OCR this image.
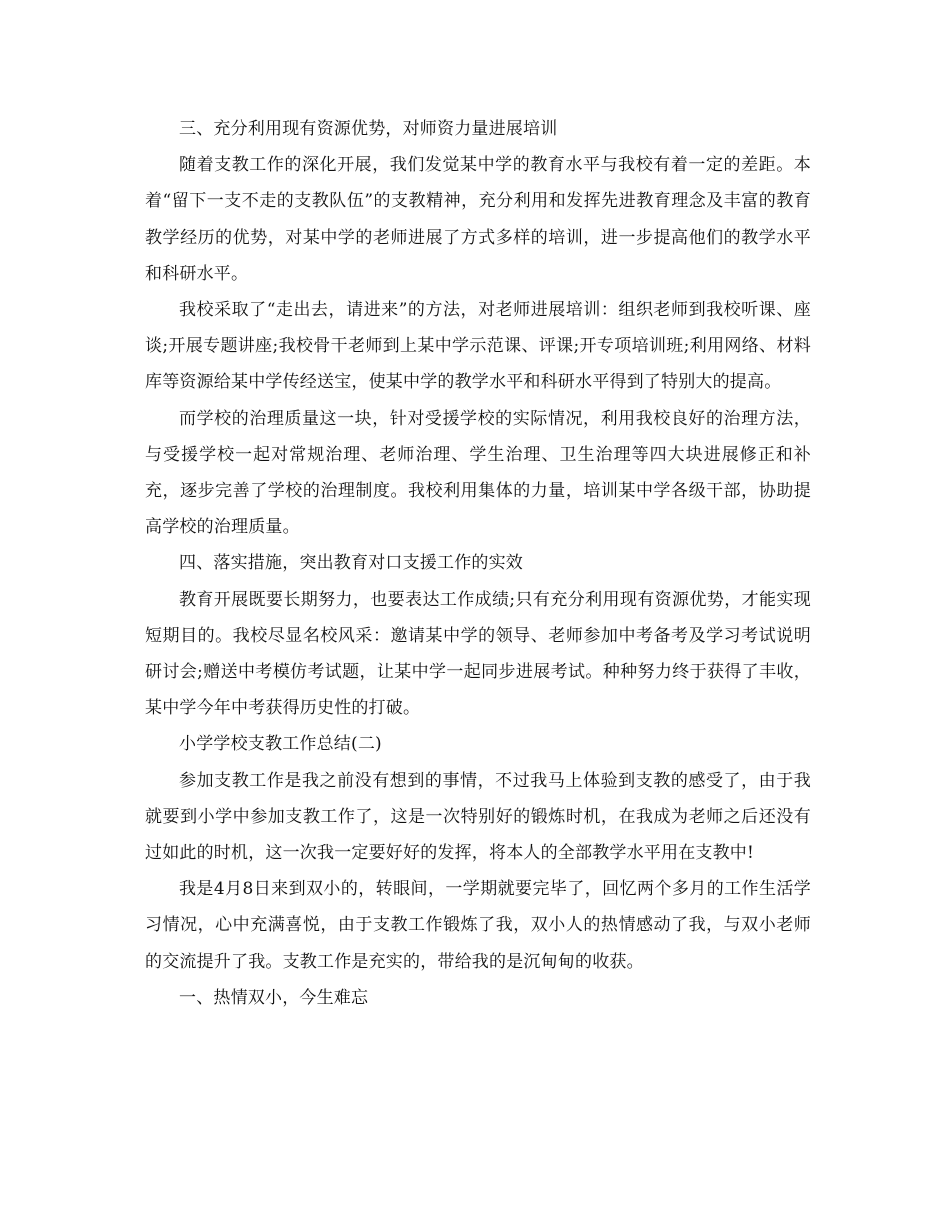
三、充分利用现有资源优势，对师资力量进展培训

随着支教工作的深化开展，我们发觉某中学的教育水平与我校有着一定的差距。本着“留下一支不走的支教队伍”的支教精神，充分利用和发挥先进教育理念及丰富的教育教学经历的优势，对某中学的老师进展了方式多样的培训，进一步提高他们的教学水平和科研水平。

我校采取了“走出去，请进来”的方法，对老师进展培训：组织老师到我校听课、座谈;开展专题讲座;我校骨干老师到上某中学示范课、评课;开专项培训班;利用网络、材料库等资源给某中学传经送宝，使某中学的教学水平和科研水平得到了特别大的提高。

而学校的治理质量这一块，针对受援学校的实际情况，利用我校良好的治理方法，与受援学校一起对常规治理、老师治理、学生治理、卫生治理等四大块进展修正和补充，逐步完善了学校的治理制度。我校利用集体的力量，培训某中学各级干部，协助提高学校的治理质量。

四、落实措施，突出教育对口支援工作的实效

教育开展既要长期努力，也要表达工作成绩;只有充分利用现有资源优势，才能实现短期目的。我校尽显名校风采：邀请某中学的领导、老师参加中考备考及学习考试说明研讨会;赠送中考模仿考试题，让某中学一起同步进展考试。种种努力终于获得了丰收，某中学今年中考获得历史性的打破。

小学学校支教工作总结(二)

参加支教工作是我之前没有想到的事情，不过我马上体验到支教的感受了，由于我就要到小学中参加支教工作了，这是一次特别好的锻炼时机，在我成为老师之后还没有过如此的时机，这一次我一定要好好的发挥，将本人的全部教学水平用在支教中!

我是4月8日来到双小的，转眼间，一学期就要完毕了，回忆两个多月的工作生活学习情况，心中充满喜悦，由于支教工作锻炼了我，双小人的热情感动了我，与双小老师的交流提升了我。支教工作是充实的，带给我的是沉甸甸的收获。

一、热情双小，今生难忘
